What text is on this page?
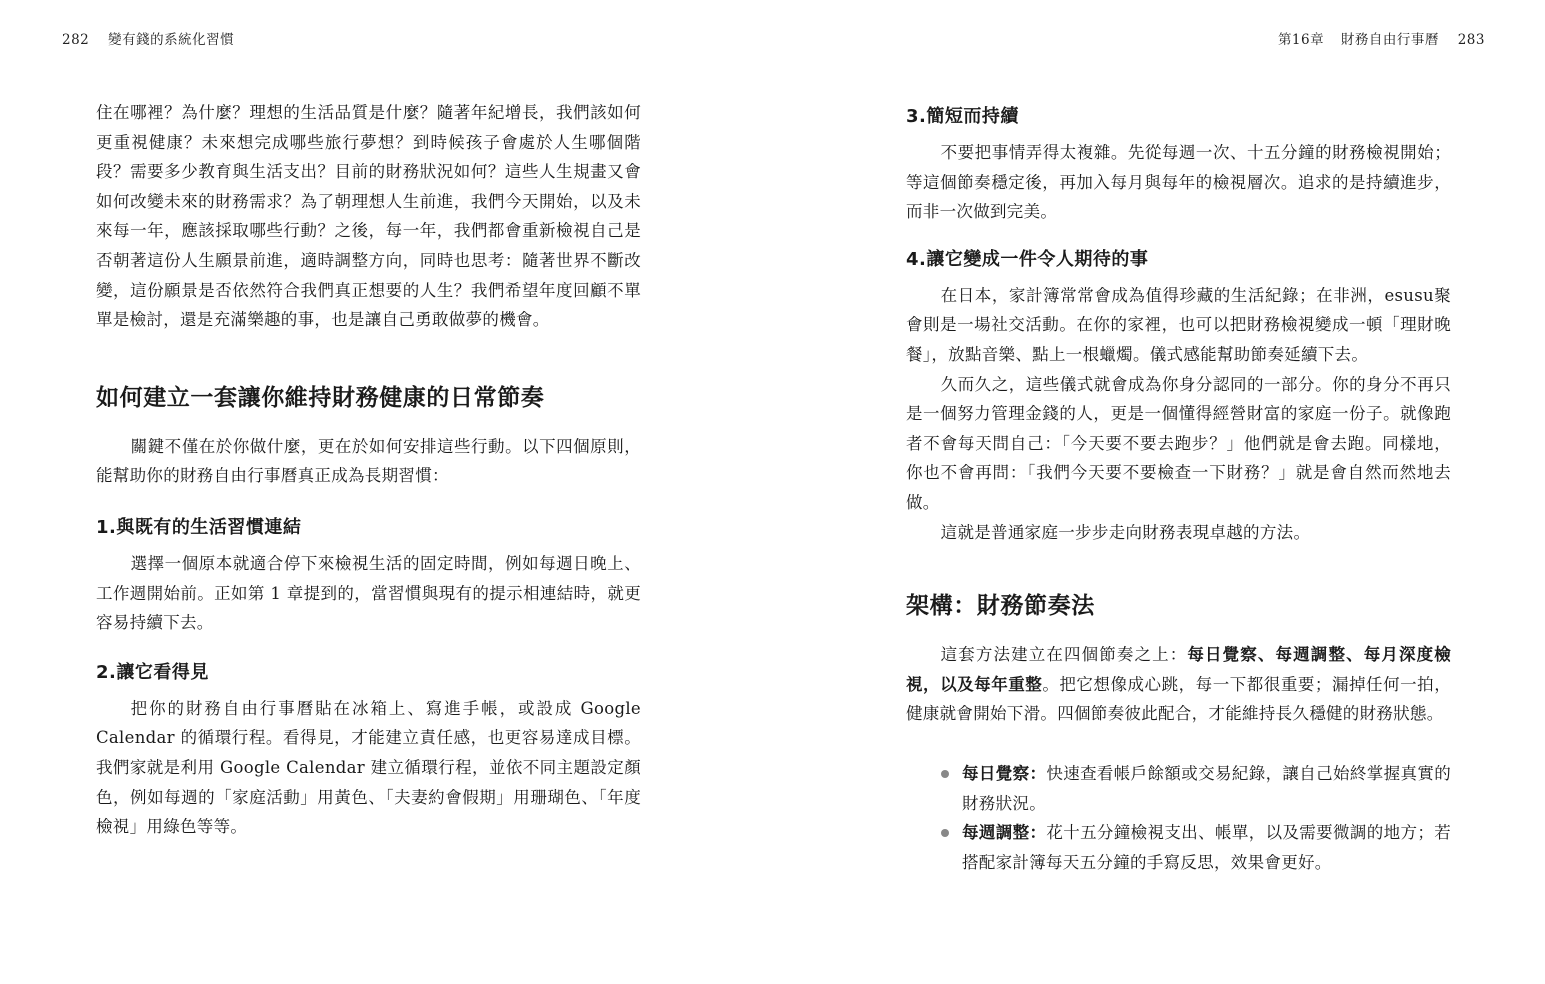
282 變有錢的系統化習慣

住在哪裡？為什麼？理想的生活品質是什麼？隨著年紀增長，我們該如何更重視健康？未來想完成哪些旅行夢想？到時候孩子會處於人生哪個階段？需要多少教育與生活支出？目前的財務狀況如何？這些人生規畫又會如何改變未來的財務需求？為了朝理想人生前進，我們今天開始，以及未來每一年，應該採取哪些行動？之後，每一年，我們都會重新檢視自己是否朝著這份人生願景前進，適時調整方向，同時也思考：隨著世界不斷改變，這份願景是否依然符合我們真正想要的人生？我們希望年度回顧不單單是檢討，還是充滿樂趣的事，也是讓自己勇敢做夢的機會。

如何建立一套讓你維持財務健康的日常節奏

關鍵不僅在於你做什麼，更在於如何安排這些行動。以下四個原則，能幫助你的財務自由行事曆真正成為長期習慣：

1.與既有的生活習慣連結

選擇一個原本就適合停下來檢視生活的固定時間，例如每週日晚上、工作週開始前。正如第 1 章提到的，當習慣與現有的提示相連結時，就更容易持續下去。

2.讓它看得見

把你的財務自由行事曆貼在冰箱上、寫進手帳，或設成 Google Calendar 的循環行程。看得見，才能建立責任感，也更容易達成目標。我們家就是利用 Google Calendar 建立循環行程，並依不同主題設定顏色，例如每週的「家庭活動」用黃色、「夫妻約會假期」用珊瑚色、「年度檢視」用綠色等等。

第16章 財務自由行事曆 283
3.簡短而持續

不要把事情弄得太複雜。先從每週一次、十五分鐘的財務檢視開始；等這個節奏穩定後，再加入每月與每年的檢視層次。追求的是持續進步，而非一次做到完美。

4.讓它變成一件令人期待的事

在日本，家計簿常常會成為值得珍藏的生活紀錄；在非洲，esusu聚會則是一場社交活動。在你的家裡，也可以把財務檢視變成一頓「理財晚餐」，放點音樂、點上一根蠟燭。儀式感能幫助節奏延續下去。

久而久之，這些儀式就會成為你身分認同的一部分。你的身分不再只是一個努力管理金錢的人，更是一個懂得經營財富的家庭一份子。就像跑者不會每天問自己：「今天要不要去跑步？」他們就是會去跑。同樣地，你也不會再問：「我們今天要不要檢查一下財務？」就是會自然而然地去做。

這就是普通家庭一步步走向財務表現卓越的方法。

架構：財務節奏法

這套方法建立在四個節奏之上：每日覺察、每週調整、每月深度檢視，以及每年重整。把它想像成心跳，每一下都很重要；漏掉任何一拍，健康就會開始下滑。四個節奏彼此配合，才能維持長久穩健的財務狀態。

每日覺察：快速查看帳戶餘額或交易紀錄，讓自己始終掌握真實的財務狀況。

每週調整：花十五分鐘檢視支出、帳單，以及需要微調的地方；若搭配家計簿每天五分鐘的手寫反思，效果會更好。
